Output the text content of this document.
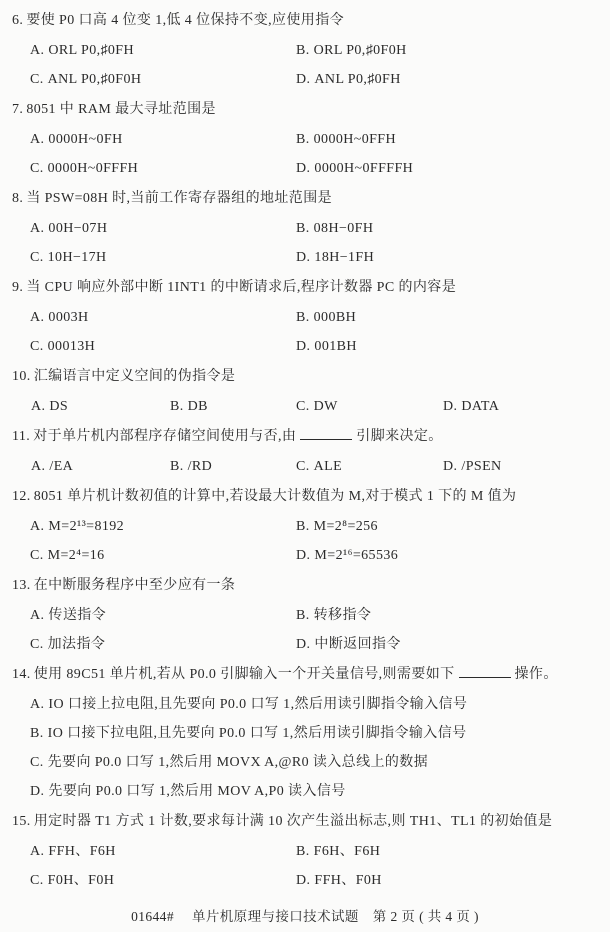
6. 要使 P0 口高 4 位变 1,低 4 位保持不变,应使用指令
A. ORL P0,♯0FH	B. ORL P0,♯0F0H
C. ANL P0,♯0F0H	D. ANL P0,♯0FH
7. 8051 中 RAM 最大寻址范围是
A. 0000H~0FH	B. 0000H~0FFH
C. 0000H~0FFFH	D. 0000H~0FFFFH
8. 当 PSW=08H 时,当前工作寄存器组的地址范围是
A. 00H−07H	B. 08H−0FH
C. 10H−17H	D. 18H−1FH
9. 当 CPU 响应外部中断 1INT1 的中断请求后,程序计数器 PC 的内容是
A. 0003H	B. 000BH
C. 00013H	D. 001BH
10. 汇编语言中定义空间的伪指令是
A. DS	B. DB	C. DW	D. DATA
11. 对于单片机内部程序存储空间使用与否,由	引脚来决定。
A. /EA	B. /RD	C. ALE	D. /PSEN
12. 8051 单片机计数初值的计算中,若设最大计数值为 M,对于模式 1 下的 M 值为
A. M=2¹³=8192	B. M=2⁸=256
C. M=2⁴=16	D. M=2¹⁶=65536
13. 在中断服务程序中至少应有一条
A. 传送指令	B. 转移指令
C. 加法指令	D. 中断返回指令
14. 使用 89C51 单片机,若从 P0.0 引脚输入一个开关量信号,则需要如下	操作。
A. IO 口接上拉电阻,且先要向 P0.0 口写 1,然后用读引脚指令输入信号
B. IO 口接下拉电阻,且先要向 P0.0 口写 1,然后用读引脚指令输入信号
C. 先要向 P0.0 口写 1,然后用 MOVX A,@R0 读入总线上的数据
D. 先要向 P0.0 口写 1,然后用 MOV A,P0 读入信号
15. 用定时器 T1 方式 1 计数,要求每计满 10 次产生溢出标志,则 TH1、TL1 的初始值是
A. FFH、F6H	B. F6H、F6H
C. F0H、F0H	D. FFH、F0H
01644# 单片机原理与接口技术试题 第 2 页 ( 共 4 页 )
